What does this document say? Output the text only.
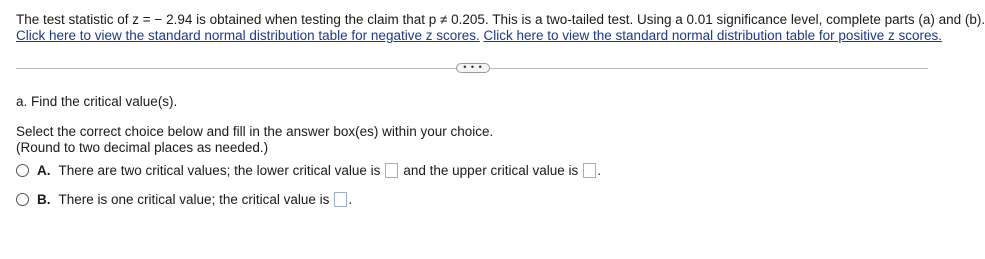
The test statistic of z = − 2.94 is obtained when testing the claim that p ≠ 0.205. This is a two-tailed test. Using a 0.01 significance level, complete parts (a) and (b).
Click here to view the standard normal distribution table for negative z scores. Click here to view the standard normal distribution table for positive z scores.
• • •
a. Find the critical value(s).
Select the correct choice below and fill in the answer box(es) within your choice.
(Round to two decimal places as needed.)
A. There are two critical values; the lower critical value is and the upper critical value is .
B. There is one critical value; the critical value is .
